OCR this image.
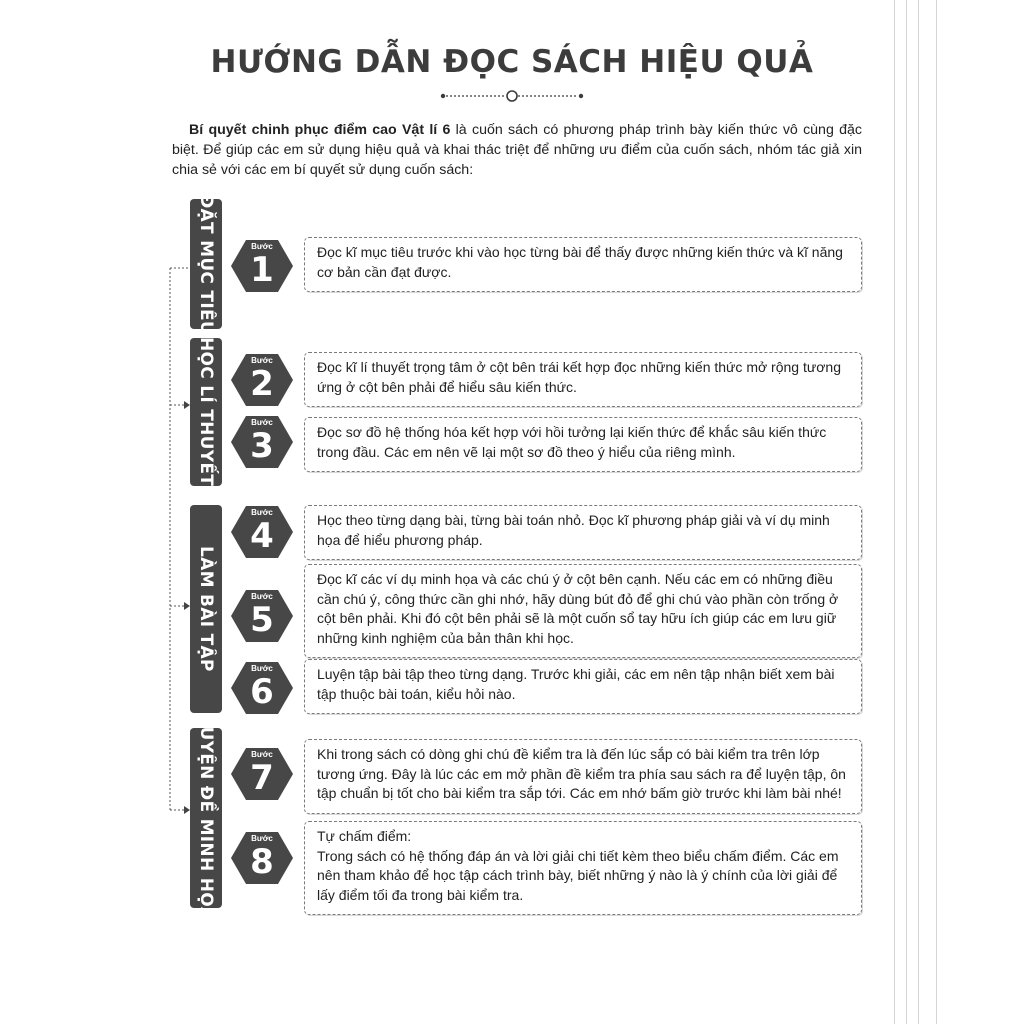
HƯỚNG DẪN ĐỌC SÁCH HIỆU QUẢ

Bí quyết chinh phục điểm cao Vật lí 6 là cuốn sách có phương pháp trình bày kiến thức vô cùng đặc biệt. Để giúp các em sử dụng hiệu quả và khai thác triệt để những ưu điểm của cuốn sách, nhóm tác giả xin chia sẻ với các em bí quyết sử dụng cuốn sách:

ĐẶT MỤC TIÊU
HỌC LÍ THUYẾT
LÀM BÀI TẬP
LUYỆN ĐỀ MINH HỌA
Bước
1
Bước
2
Bước
3
Bước
4
Bước
5
Bước
6
Bước
7
Bước
8

Đọc kĩ mục tiêu trước khi vào học từng bài để thấy được những kiến thức và kĩ năng cơ bản cần đạt được.

Đọc kĩ lí thuyết trọng tâm ở cột bên trái kết hợp đọc những kiến thức mở rộng tương ứng ở cột bên phải để hiểu sâu kiến thức.

Đọc sơ đồ hệ thống hóa kết hợp với hồi tưởng lại kiến thức để khắc sâu kiến thức trong đầu. Các em nên vẽ lại một sơ đồ theo ý hiểu của riêng mình.

Học theo từng dạng bài, từng bài toán nhỏ. Đọc kĩ phương pháp giải và ví dụ minh họa để hiểu phương pháp.

Đọc kĩ các ví dụ minh họa và các chú ý ở cột bên cạnh. Nếu các em có những điều cần chú ý, công thức cần ghi nhớ, hãy dùng bút đỏ để ghi chú vào phần còn trống ở cột bên phải. Khi đó cột bên phải sẽ là một cuốn sổ tay hữu ích giúp các em lưu giữ những kinh nghiệm của bản thân khi học.

Luyện tập bài tập theo từng dạng. Trước khi giải, các em nên tập nhận biết xem bài tập thuộc bài toán, kiểu hỏi nào.

Khi trong sách có dòng ghi chú đề kiểm tra là đến lúc sắp có bài kiểm tra trên lớp tương ứng. Đây là lúc các em mở phần đề kiểm tra phía sau sách ra để luyện tập, ôn tập chuẩn bị tốt cho bài kiểm tra sắp tới. Các em nhớ bấm giờ trước khi làm bài nhé!

Tự chấm điểm:

Trong sách có hệ thống đáp án và lời giải chi tiết kèm theo biểu chấm điểm. Các em nên tham khảo để học tập cách trình bày, biết những ý nào là ý chính của lời giải để lấy điểm tối đa trong bài kiểm tra.
